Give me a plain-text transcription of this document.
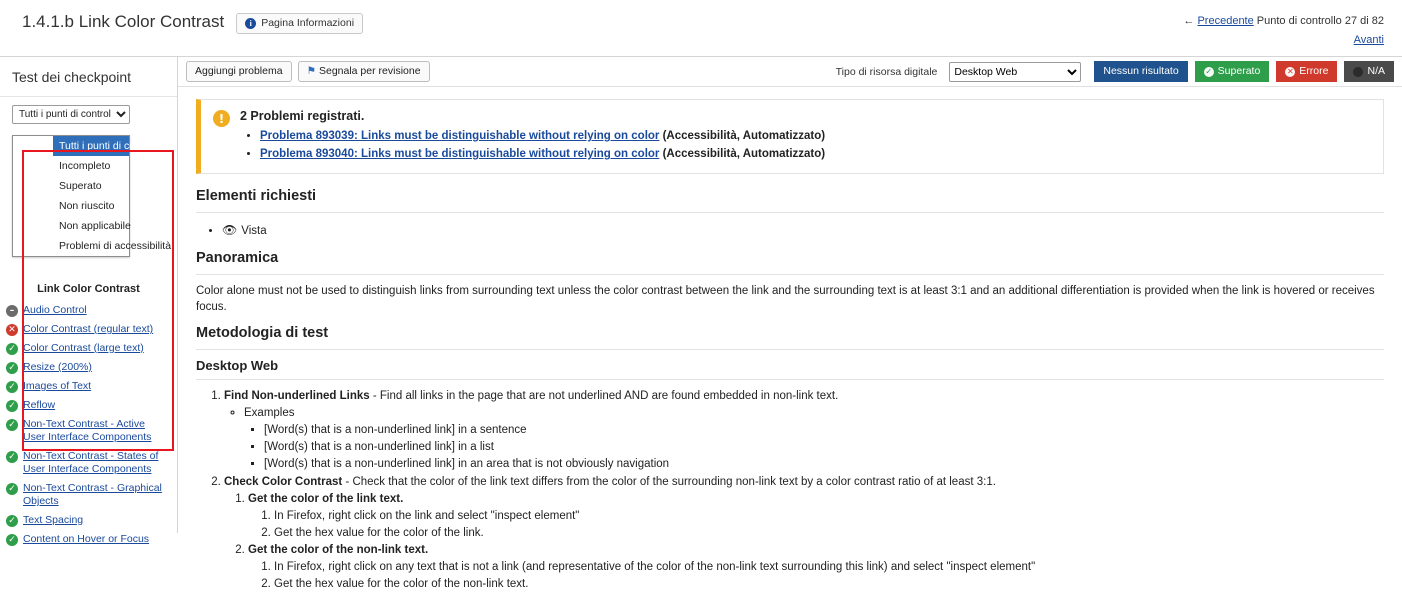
1.4.1.b Link Color Contrast	i Pagina Informazioni	← Precedente Punto di controllo 27 di 82
Avanti
Test dei checkpoint
Tutti i punti di controllo
Tutti i punti di controllo
Incompleto
Superato
Non riuscito
Non applicabile
Problemi di accessibilità
Link Color Contrast
– Audio Control
✕ Color Contrast (regular text)
✓ Color Contrast (large text)
✓ Resize (200%)
✓ Images of Text
✓ Reflow
✓ Non-Text Contrast - Active User Interface Components
✓ Non-Text Contrast - States of User Interface Components
✓ Non-Text Contrast - Graphical Objects
✓ Text Spacing
✓ Content on Hover or Focus
Aggiungi problema	⚑ Segnala per revisione	Tipo di risorsa digitale
Desktop Web	Nessun risultato	✓ Superato	✕ Errore	N/A
!	2 Problemi registrati.
• Problema 893039: Links must be distinguishable without relying on color (Accessibilità, Automatizzato)
• Problema 893040: Links must be distinguishable without relying on color (Accessibilità, Automatizzato)
Elementi richiesti
• 👁 Vista
Panoramica

Color alone must not be used to distinguish links from surrounding text unless the color contrast between the link and the surrounding text is at least 3:1 and an additional differentiation is provided when the link is hovered or receives focus.

Metodologia di test
Desktop Web
1. Find Non-underlined Links - Find all links in the page that are not underlined AND are found embedded in non-link text.
◦ Examples
▪ [Word(s) that is a non-underlined link] in a sentence
▪ [Word(s) that is a non-underlined link] in a list
▪ [Word(s) that is a non-underlined link] in an area that is not obviously navigation
2. Check Color Contrast - Check that the color of the link text differs from the color of the surrounding non-link text by a color contrast ratio of at least 3:1.
1. Get the color of the link text.
1. In Firefox, right click on the link and select "inspect element"
2. Get the hex value for the color of the link.
2. Get the color of the non-link text.
1. In Firefox, right click on any text that is not a link (and representative of the color of the non-link text surrounding this link) and select "inspect element"
2. Get the hex value for the color of the non-link text.
